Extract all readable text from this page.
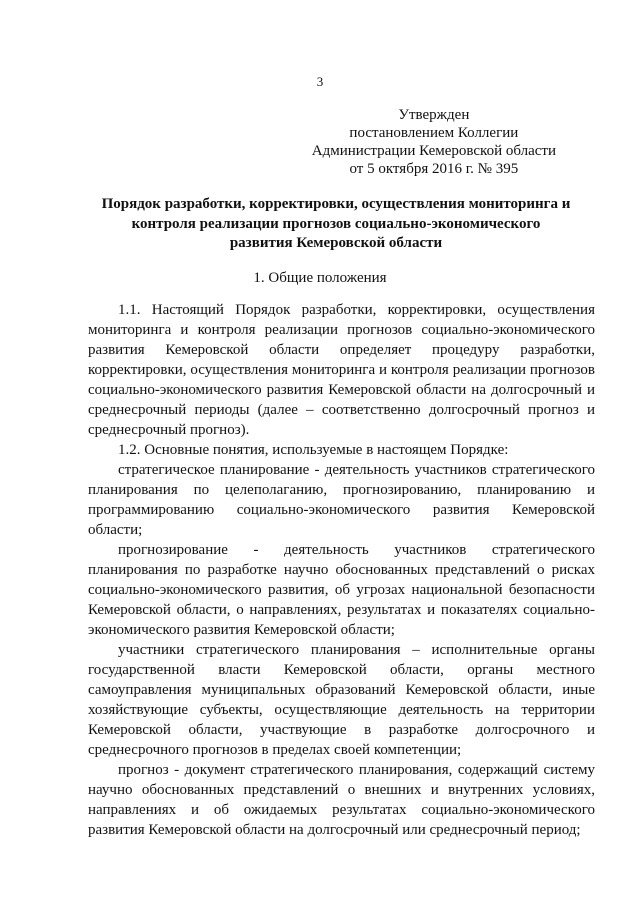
3
Утвержден
постановлением Коллегии
Администрации Кемеровской области
от 5 октября 2016 г. № 395
Порядок разработки, корректировки, осуществления мониторинга и
контроля реализации прогнозов социально-экономического
развития Кемеровской области
1. Общие положения

1.1. Настоящий Порядок разработки, корректировки, осуществления мониторинга и контроля реализации прогнозов социально-экономического развития Кемеровской области определяет процедуру разработки, корректировки, осуществления мониторинга и контроля реализации прогнозов социально-экономического развития Кемеровской области на долгосрочный и среднесрочный периоды (далее – соответственно долгосрочный прогноз и среднесрочный прогноз).

1.2. Основные понятия, используемые в настоящем Порядке:

стратегическое планирование - деятельность участников стратегического планирования по целеполаганию, прогнозированию, планированию и программированию социально-экономического развития Кемеровской области;

прогнозирование - деятельность участников стратегического планирования по разработке научно обоснованных представлений о рисках социально-экономического развития, об угрозах национальной безопасности Кемеровской области, о направлениях, результатах и показателях социально-экономического развития Кемеровской области;

участники стратегического планирования – исполнительные органы государственной власти Кемеровской области, органы местного самоуправления муниципальных образований Кемеровской области, иные хозяйствующие субъекты, осуществляющие деятельность на территории Кемеровской области, участвующие в разработке долгосрочного и среднесрочного прогнозов в пределах своей компетенции;

прогноз - документ стратегического планирования, содержащий систему научно обоснованных представлений о внешних и внутренних условиях, направлениях и об ожидаемых результатах социально-экономического развития Кемеровской области на долгосрочный или среднесрочный период;
